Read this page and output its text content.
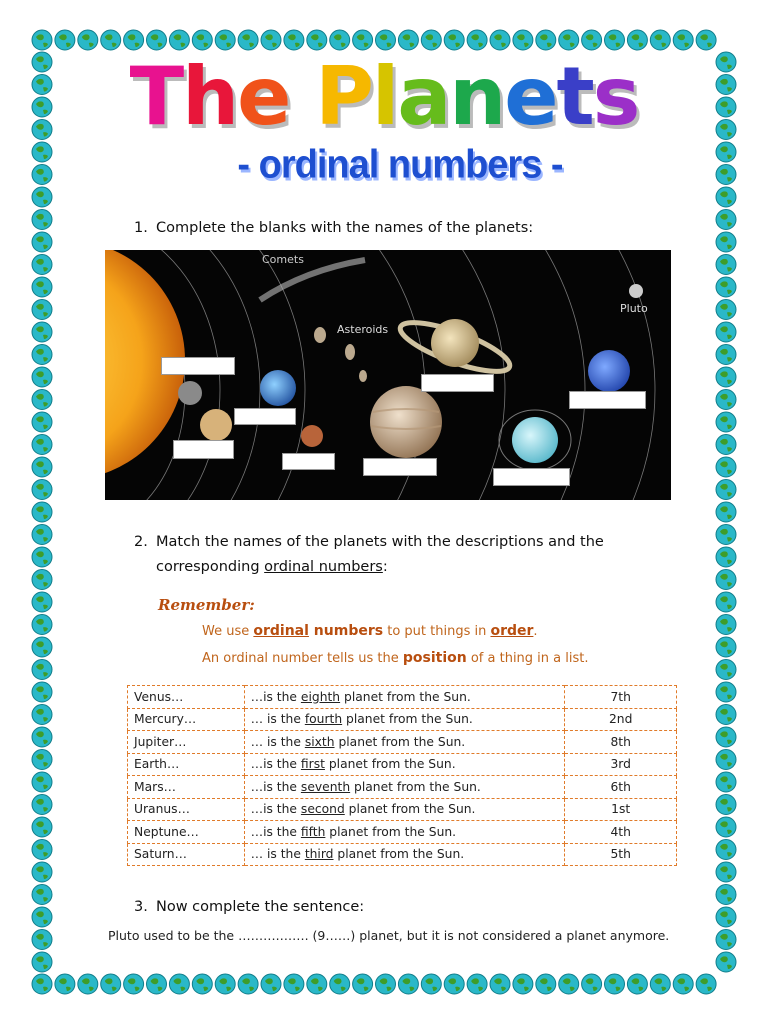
The Planets
- ordinal numbers -
1. Complete the blanks with the names of the planets:
Comets
Asteroids
Pluto
2. Match the names of the planets with the descriptions and the
corresponding ordinal numbers:
Remember:
We use ordinal numbers to put things in order.
An ordinal number tells us the position of a thing in a list.
Venus…	…is the eighth planet from the Sun.	7th
Mercury…	… is the fourth planet from the Sun.	2nd
Jupiter…	… is the sixth planet from the Sun.	8th
Earth…	…is the first planet from the Sun.	3rd
Mars…	…is the seventh planet from the Sun.	6th
Uranus…	…is the second planet from the Sun.	1st
Neptune…	…is the fifth planet from the Sun.	4th
Saturn…	… is the third planet from the Sun.	5th
3. Now complete the sentence:
Pluto used to be the ……….……. (9……) planet, but it is not considered a planet anymore.
